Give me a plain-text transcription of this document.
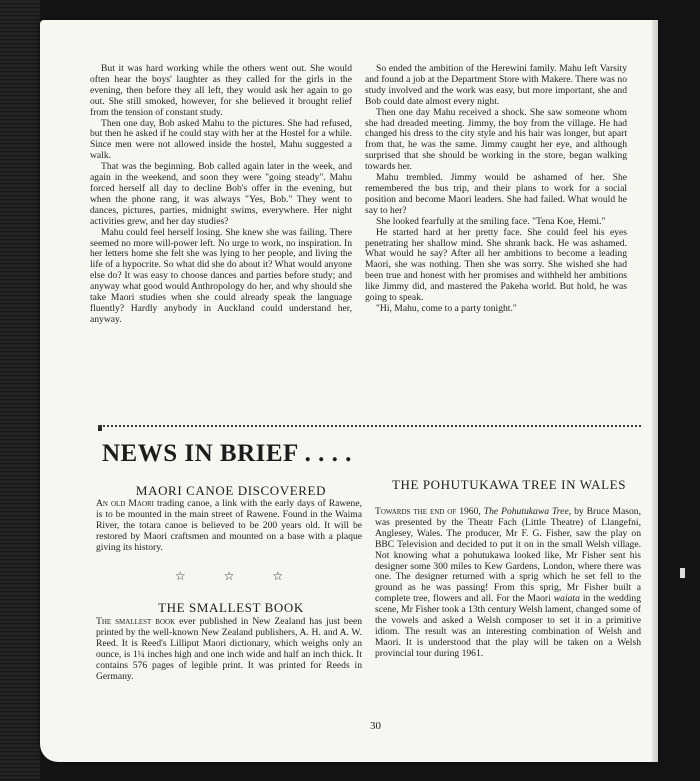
But it was hard working while the others went out. She would often hear the boys' laughter as they called for the girls in the evening, then before they all left, they would ask her again to go out. She still smoked, however, for she believed it brought relief from the tension of constant study.

Then one day, Bob asked Mahu to the pictures. She had refused, but then he asked if he could stay with her at the Hostel for a while. Since men were not allowed inside the hostel, Mahu suggested a walk.

That was the beginning. Bob called again later in the week, and again in the weekend, and soon they were "going steady". Mahu forced herself all day to decline Bob's offer in the evening, but when the phone rang, it was always "Yes, Bob." They went to dances, pictures, parties, midnight swims, everywhere. Her night activities grew, and her day studies?

Mahu could feel herself losing. She knew she was failing. There seemed no more will-power left. No urge to work, no inspiration. In her letters home she felt she was lying to her people, and living the life of a hypocrite. So what did she do about it? What would anyone else do? It was easy to choose dances and parties before study; and anyway what good would Anthropology do her, and why should she take Maori studies when she could already speak the language fluently? Hardly anybody in Auckland could understand her, anyway.

So ended the ambition of the Herewini family. Mahu left Varsity and found a job at the Department Store with Makere. There was no study involved and the work was easy, but more important, she and Bob could date almost every night.

Then one day Mahu received a shock. She saw someone whom she had dreaded meeting. Jimmy, the boy from the village. He had changed his dress to the city style and his hair was longer, but apart from that, he was the same. Jimmy caught her eye, and although surprised that she should be working in the store, began walking towards her.

Mahu trembled. Jimmy would be ashamed of her. She remembered the bus trip, and their plans to work for a social position and become Maori leaders. She had failed. What would he say to her?

She looked fearfully at the smiling face. "Tena Koe, Hemi."

He started hard at her pretty face. She could feel his eyes penetrating her shallow mind. She shrank back. He was ashamed. What would he say? After all her ambitions to become a leading Maori, she was nothing. Then she was sorry. She wished she had been true and honest with her promises and withheld her ambitions like Jimmy did, and mastered the Pakeha world. But hold, he was going to speak.

"Hi, Mahu, come to a party tonight."

NEWS IN BRIEF . . . .
MAORI CANOE DISCOVERED

An old Maori trading canoe, a link with the early days of Rawene, is to be mounted in the main street of Rawene. Found in the Waima River, the totara canoe is believed to be 200 years old. It will be restored by Maori craftsmen and mounted on a base with a plaque giving its history.

☆	☆	☆
THE SMALLEST BOOK

The smallest book ever published in New Zealand has just been printed by the well-known New Zealand publishers, A. H. and A. W. Reed. It is Reed's Lilliput Maori dictionary, which weighs only an ounce, is 1¼ inches high and one inch wide and half an inch thick. It contains 576 pages of legible print. It was printed for Reeds in Germany.

THE POHUTUKAWA TREE IN WALES

Towards the end of 1960, The Pohutukawa Tree, by Bruce Mason, was presented by the Theatr Fach (Little Theatre) of Llangefni, Anglesey, Wales. The producer, Mr F. G. Fisher, saw the play on BBC Television and decided to put it on in the small Welsh village. Not knowing what a pohutukawa looked like, Mr Fisher sent his designer some 300 miles to Kew Gardens, London, where there was one. The designer returned with a sprig which he set fell to the ground as he was passing! From this sprig, Mr Fisher built a complete tree, flowers and all. For the Maori waiata in the wedding scene, Mr Fisher took a 13th century Welsh lament, changed some of the vowels and asked a Welsh composer to set it in a primitive idiom. The result was an interesting combination of Welsh and Maori. It is understood that the play will be taken on a Welsh provincial tour during 1961.

30
